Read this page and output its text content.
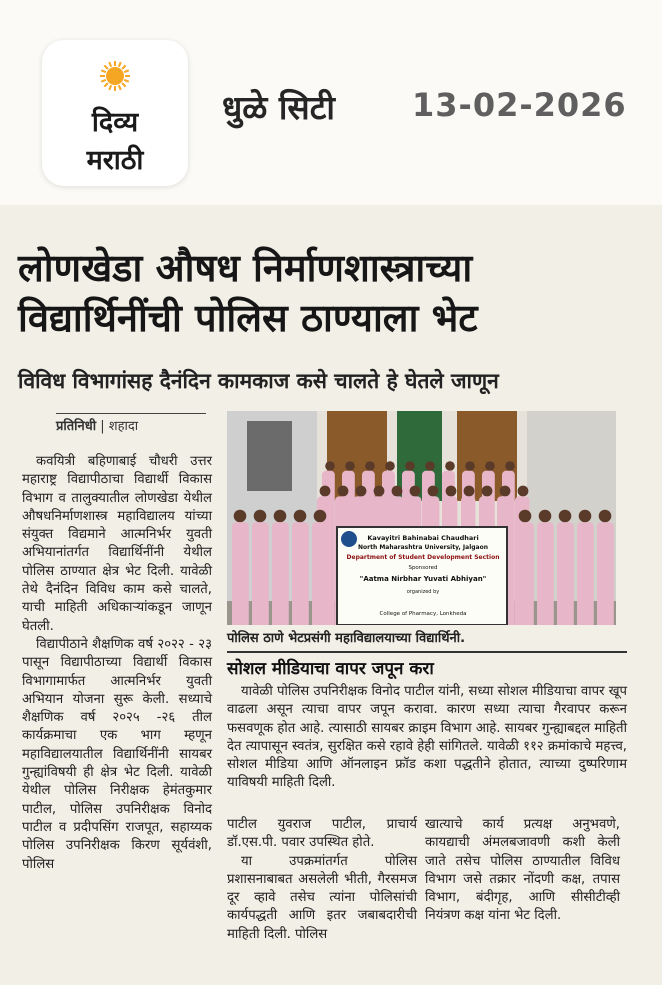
दिव्य
मराठी
धुळे सिटी 13-02-2026
लोणखेडा औषध निर्माणशास्त्राच्या
विद्यार्थिनींची पोलिस ठाण्याला भेट
विविध विभागांसह दैनंदिन कामकाज कसे चालते हे घेतले जाणून
प्रतिनिधी | शहादा

कवयित्री बहिणाबाई चौधरी उत्तर महाराष्ट्र विद्यापीठाचा विद्यार्थी विकास विभाग व तालुक्यातील लोणखेडा येथील औषधनिर्माणशास्त्र महाविद्यालय यांच्या संयुक्त विद्यमाने आत्मनिर्भर युवती अभियानांतर्गत विद्यार्थिनींनी येथील पोलिस ठाण्यात क्षेत्र भेट दिली. यावेळी तेथे दैनंदिन विविध काम कसे चालते, याची माहिती अधिकाऱ्यांकडून जाणून घेतली.

विद्यापीठाने शैक्षणिक वर्ष २०२२ - २३ पासून विद्यापीठाच्या विद्यार्थी विकास विभागामार्फत आत्मनिर्भर युवती अभियान योजना सुरू केली. सध्याचे शैक्षणिक वर्ष २०२५ -२६ तील कार्यक्रमाचा एक भाग म्हणून महाविद्यालयातील विद्यार्थिनींनी सायबर गुन्ह्यांविषयी ही क्षेत्र भेट दिली. यावेळी येथील पोलिस निरीक्षक हेमंतकुमार पाटील, पोलिस उपनिरीक्षक विनोद पाटील व प्रदीपसिंग राजपूत, सहाय्यक पोलिस उपनिरीक्षक किरण सूर्यवंशी, पोलिस

Kavayitri Bahinabai Chaudhari
North Maharashtra University, Jalgaon
Department of Student Development Section
Sponsored
"Aatma Nirbhar Yuvati Abhiyan"
organized by
College of Pharmacy, Lonkheda
पोलिस ठाणे भेटप्रसंगी महाविद्यालयाच्या विद्यार्थिनी.
सोशल मीडियाचा वापर जपून करा

यावेळी पोलिस उपनिरीक्षक विनोद पाटील यांनी, सध्या सोशल मीडियाचा वापर खूप वाढला असून त्याचा वापर जपून करावा. कारण सध्या त्याचा गैरवापर करून फसवणूक होत आहे. त्यासाठी सायबर क्राइम विभाग आहे. सायबर गुन्ह्याबद्दल माहिती देत त्यापासून स्वतंत्र, सुरक्षित कसे रहावे हेही सांगितले. यावेळी ११२ क्रमांकाचे महत्त्व, सोशल मीडिया आणि ऑनलाइन फ्रॉड कशा पद्धतीने होतात, त्याच्या दुष्परिणाम याविषयी माहिती दिली.

पाटील युवराज पाटील, प्राचार्य डॉ.एस.पी. पवार उपस्थित होते.

या उपक्रमांतर्गत पोलिस प्रशासनाबाबत असलेली भीती, गैरसमज दूर व्हावे तसेच त्यांना पोलिसांची कार्यपद्धती आणि इतर जबाबदारीची माहिती दिली. पोलिस

खात्याचे कार्य प्रत्यक्ष अनुभवणे, कायद्याची अंमलबजावणी कशी केली जाते तसेच पोलिस ठाण्यातील विविध विभाग जसे तक्रार नोंदणी कक्ष, तपास विभाग, बंदीगृह, आणि सीसीटीव्ही नियंत्रण कक्ष यांना भेट दिली.
